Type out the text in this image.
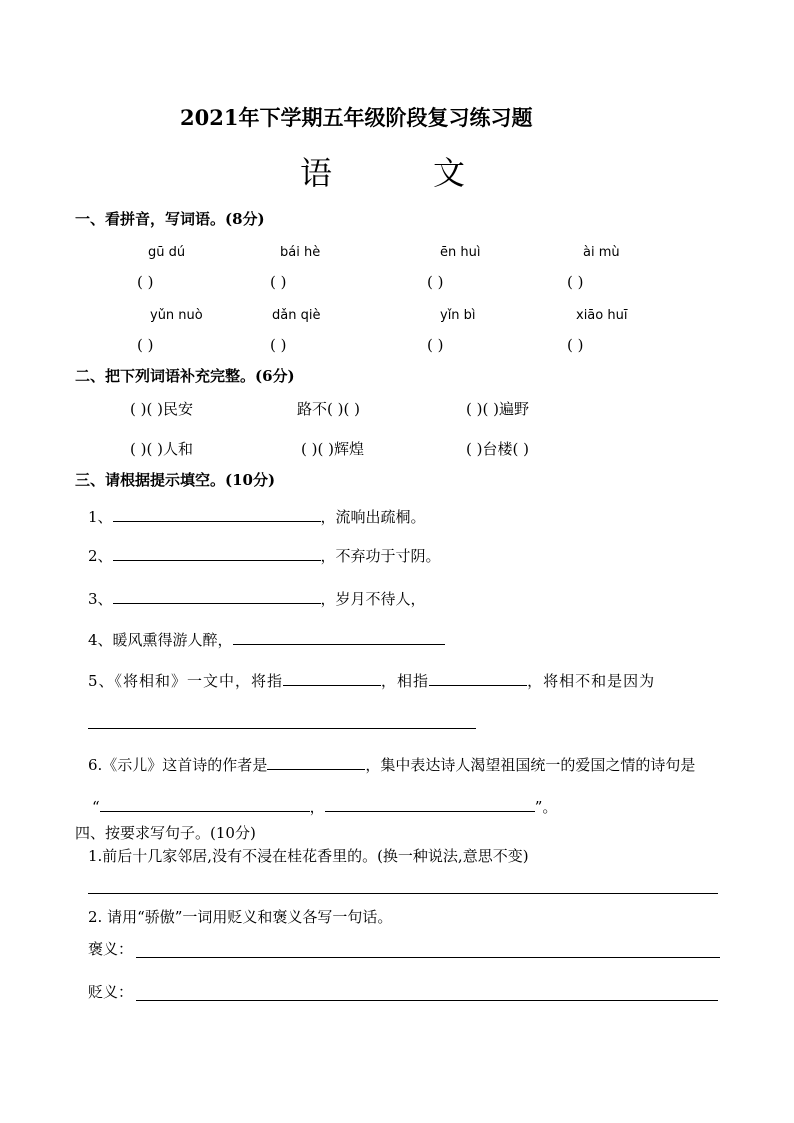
2021年下学期五年级阶段复习练习题
语	文
一、看拼音，写词语。(8分)
gū dú	bái hè	ēn huì	ài mù
( )	( )	( )	( )
yǔn nuò	dǎn qiè	yǐn bì	xiāo huī
( )	( )	( )	( )
二、把下列词语补充完整。(6分)
( )( )民安	路不( )( )	( )( )遍野
( )( )人和	( )( )辉煌	( )台楼( )
三、请根据提示填空。(10分)
1、	，流响出疏桐。
2、	，不弃功于寸阴。
3、	，岁月不待人，
4、暖风熏得游人醉，
5、《将相和》一文中，将指	，相指	，将相不和是因为
6.《示儿》这首诗的作者是	，集中表达诗人渴望祖国统一的爱国之情的诗句是
“	，	”。
四、按要求写句子。(10分)
1.前后十几家邻居,没有不浸在桂花香里的。(换一种说法,意思不变)
2. 请用“骄傲”一词用贬义和褒义各写一句话。
褒义：
贬义：
